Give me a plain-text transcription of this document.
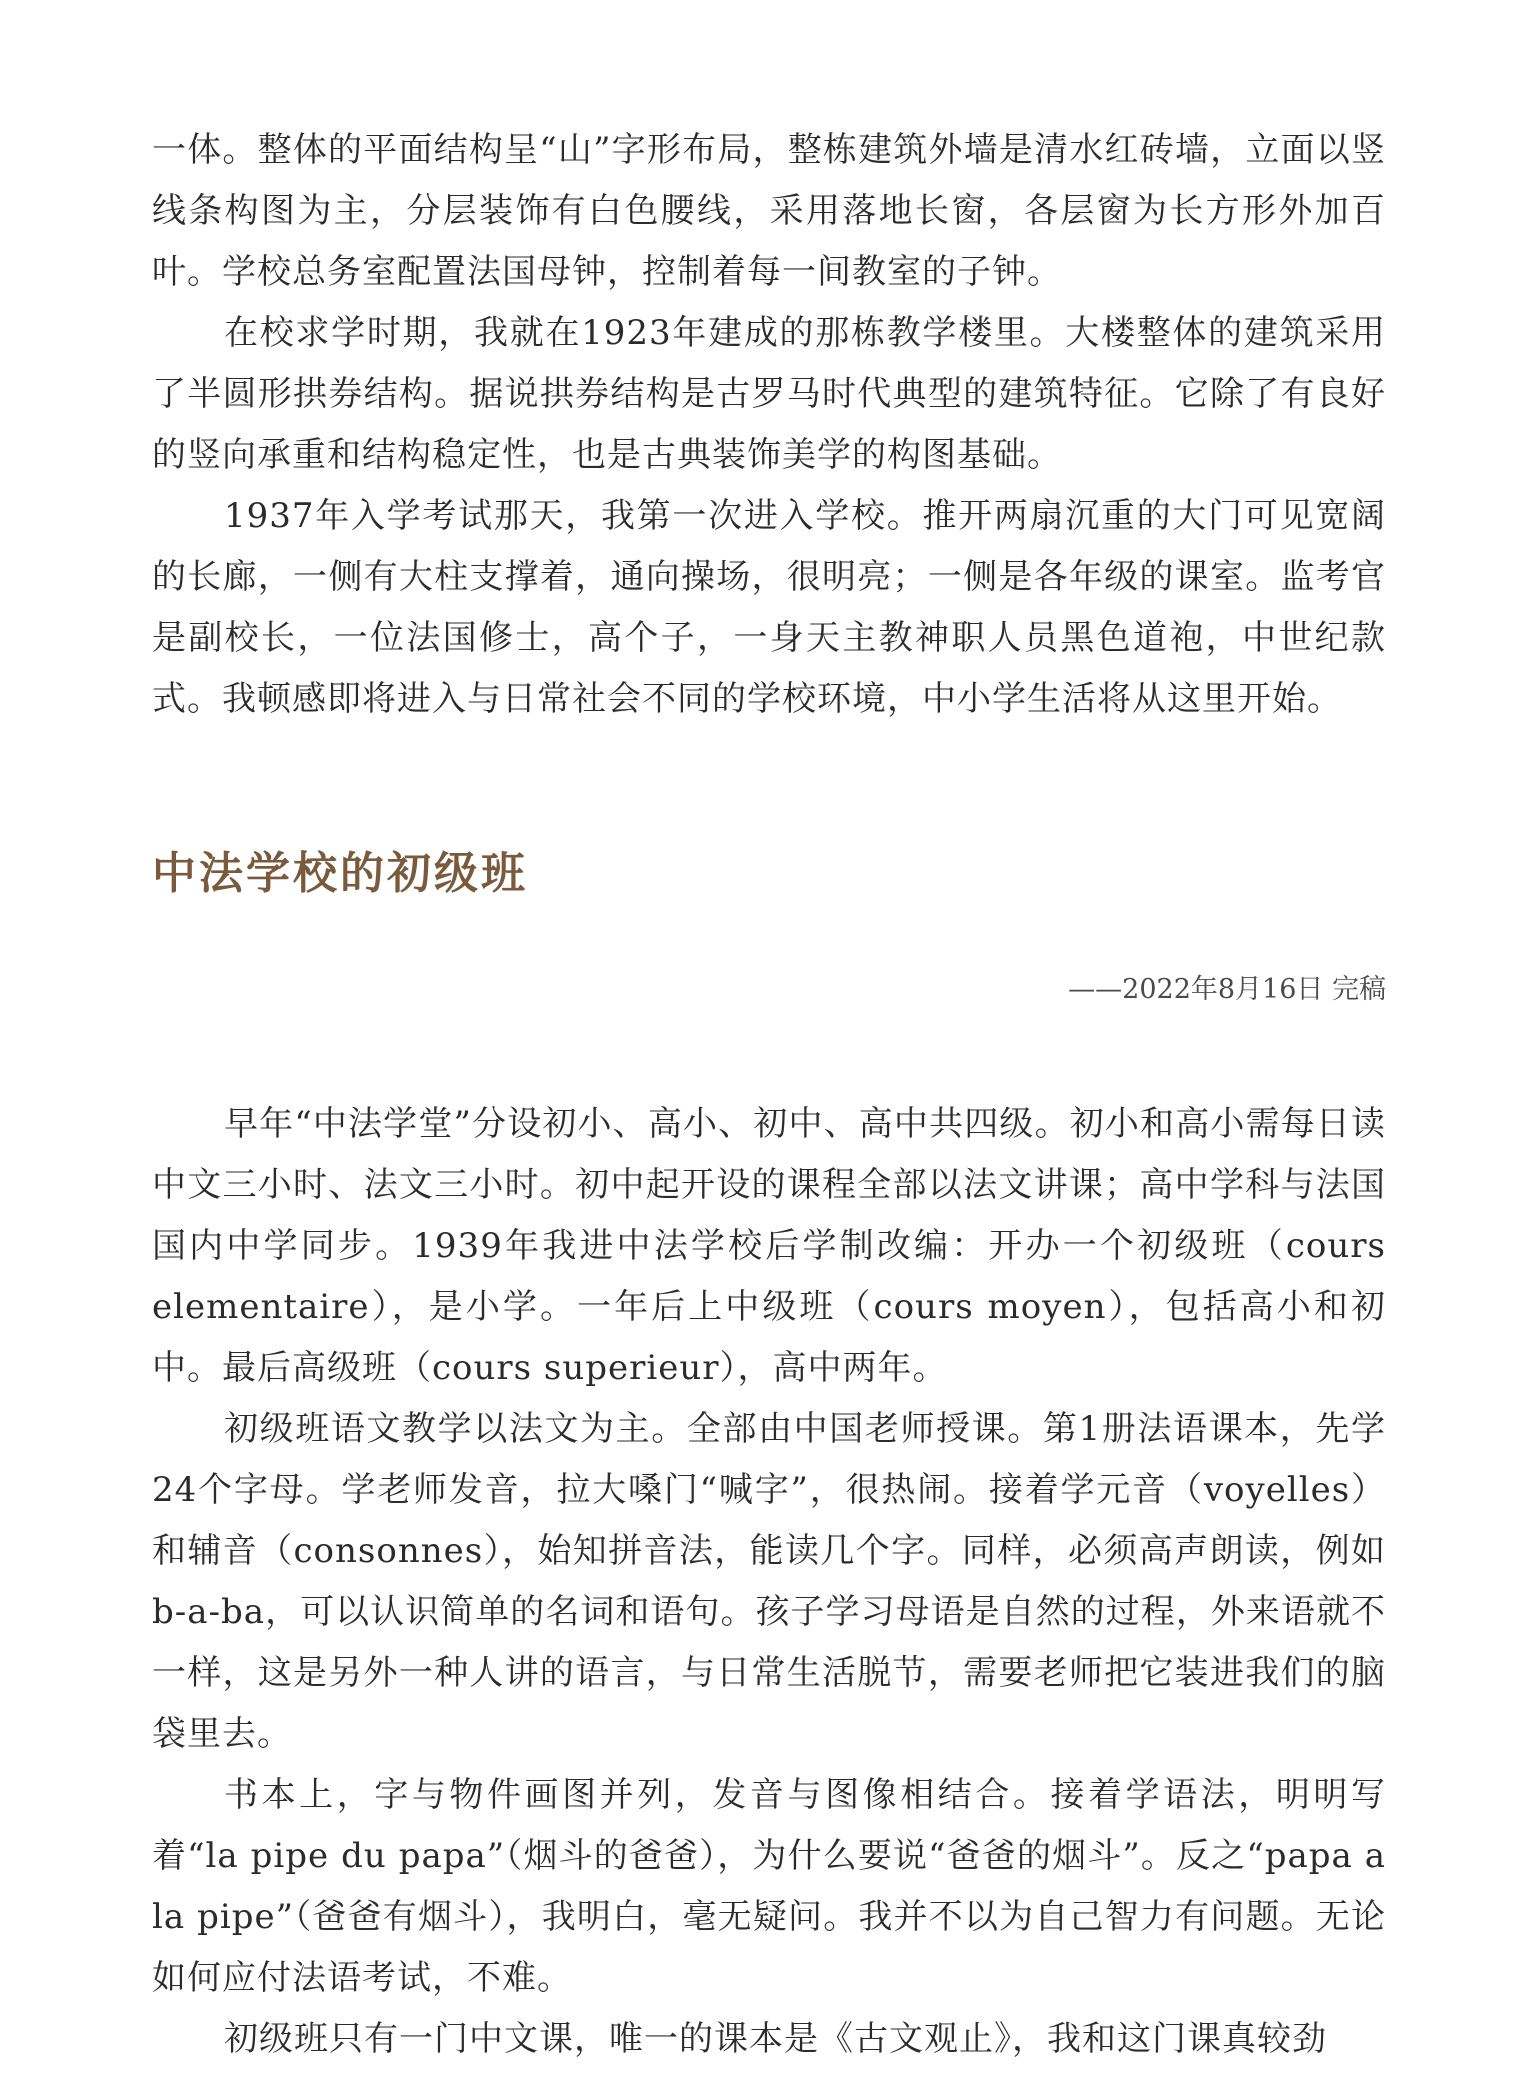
一体。整体的平面结构呈“山”字形布局，整栋建筑外墙是清水红砖墙，立面以竖线条构图为主，分层装饰有白色腰线，采用落地长窗，各层窗为长方形外加百叶。学校总务室配置法国母钟，控制着每一间教室的子钟。

在校求学时期，我就在1923年建成的那栋教学楼里。大楼整体的建筑采用了半圆形拱券结构。据说拱券结构是古罗马时代典型的建筑特征。它除了有良好的竖向承重和结构稳定性，也是古典装饰美学的构图基础。

1937年入学考试那天，我第一次进入学校。推开两扇沉重的大门可见宽阔的长廊，一侧有大柱支撑着，通向操场，很明亮；一侧是各年级的课室。监考官是副校长，一位法国修士，高个子，一身天主教神职人员黑色道袍，中世纪款式。我顿感即将进入与日常社会不同的学校环境，中小学生活将从这里开始。

中法学校的初级班
——2022年8月16日 完稿

早年“中法学堂”分设初小、高小、初中、高中共四级。初小和高小需每日读中文三小时、法文三小时。初中起开设的课程全部以法文讲课；高中学科与法国国内中学同步。1939年我进中法学校后学制改编：开办一个初级班（cours elementaire），是小学。一年后上中级班（cours moyen），包括高小和初中。最后高级班（cours superieur），高中两年。

初级班语文教学以法文为主。全部由中国老师授课。第1册法语课本，先学24个字母。学老师发音，拉大嗓门“喊字”，很热闹。接着学元音（voyelles）和辅音（consonnes），始知拼音法，能读几个字。同样，必须高声朗读，例如b-a-ba，可以认识简单的名词和语句。孩子学习母语是自然的过程，外来语就不一样，这是另外一种人讲的语言，与日常生活脱节，需要老师把它装进我们的脑袋里去。

书本上，字与物件画图并列，发音与图像相结合。接着学语法，明明写着“la pipe du papa”（烟斗的爸爸），为什么要说“爸爸的烟斗”。反之“papa a la pipe”（爸爸有烟斗），我明白，毫无疑问。我并不以为自己智力有问题。无论如何应付法语考试，不难。

初级班只有一门中文课，唯一的课本是《古文观止》，我和这门课真较劲
